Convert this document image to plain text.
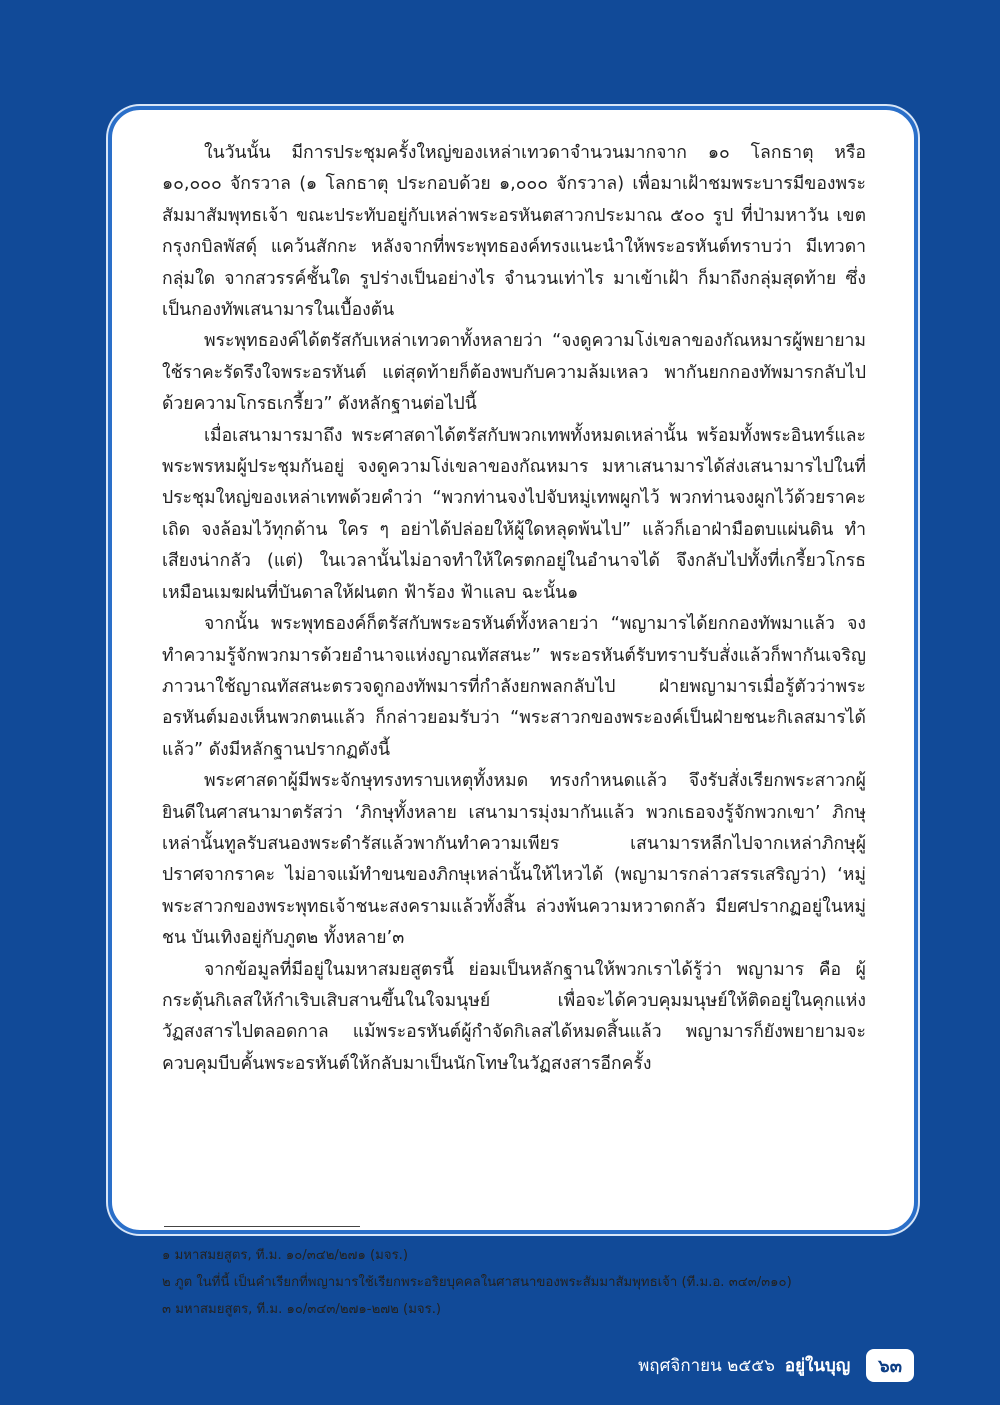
ในวันนั้น มีการประชุมครั้งใหญ่ของเหล่าเทวดาจำนวนมากจาก ๑๐ โลกธาตุ หรือ ๑๐,๐๐๐ จักรวาล (๑ โลกธาตุ ประกอบด้วย ๑,๐๐๐ จักรวาล) เพื่อมาเฝ้าชมพระบารมีของพระสัมมาสัมพุทธเจ้า ขณะประทับอยู่กับเหล่าพระอรหันตสาวกประมาณ ๕๐๐ รูป ที่ป่ามหาวัน เขตกรุงกบิลพัสดุ์ แคว้นสักกะ หลังจากที่พระพุทธองค์ทรงแนะนำให้พระอรหันต์ทราบว่า มีเทวดากลุ่มใด จากสวรรค์ชั้นใด รูปร่างเป็นอย่างไร จำนวนเท่าไร มาเข้าเฝ้า ก็มาถึงกลุ่มสุดท้าย ซึ่งเป็นกองทัพเสนามารในเบื้องต้น

พระพุทธองค์ได้ตรัสกับเหล่าเทวดาทั้งหลายว่า “จงดูความโง่เขลาของกัณหมารผู้พยายามใช้ราคะรัดรึงใจพระอรหันต์ แต่สุดท้ายก็ต้องพบกับความล้มเหลว พากันยกกองทัพมารกลับไปด้วยความโกรธเกรี้ยว” ดังหลักฐานต่อไปนี้

เมื่อเสนามารมาถึง พระศาสดาได้ตรัสกับพวกเทพทั้งหมดเหล่านั้น พร้อมทั้งพระอินทร์และพระพรหมผู้ประชุมกันอยู่ จงดูความโง่เขลาของกัณหมาร มหาเสนามารได้ส่งเสนามารไปในที่ประชุมใหญ่ของเหล่าเทพด้วยคำว่า “พวกท่านจงไปจับหมู่เทพผูกไว้ พวกท่านจงผูกไว้ด้วยราคะเถิด จงล้อมไว้ทุกด้าน ใคร ๆ อย่าได้ปล่อยให้ผู้ใดหลุดพ้นไป” แล้วก็เอาฝ่ามือตบแผ่นดิน ทำเสียงน่ากลัว (แต่) ในเวลานั้นไม่อาจทำให้ใครตกอยู่ในอำนาจได้ จึงกลับไปทั้งที่เกรี้ยวโกรธเหมือนเมฆฝนที่บันดาลให้ฝนตก ฟ้าร้อง ฟ้าแลบ ฉะนั้น๑

จากนั้น พระพุทธองค์ก็ตรัสกับพระอรหันต์ทั้งหลายว่า “พญามารได้ยกกองทัพมาแล้ว จงทำความรู้จักพวกมารด้วยอำนาจแห่งญาณทัสสนะ” พระอรหันต์รับทราบรับสั่งแล้วก็พากันเจริญภาวนาใช้ญาณทัสสนะตรวจดูกองทัพมารที่กำลังยกพลกลับไป ฝ่ายพญามารเมื่อรู้ตัวว่าพระอรหันต์มองเห็นพวกตนแล้ว ก็กล่าวยอมรับว่า “พระสาวกของพระองค์เป็นฝ่ายชนะกิเลสมารได้แล้ว” ดังมีหลักฐานปรากฏดังนี้

พระศาสดาผู้มีพระจักษุทรงทราบเหตุทั้งหมด ทรงกำหนดแล้ว จึงรับสั่งเรียกพระสาวกผู้ยินดีในศาสนามาตรัสว่า ‘ภิกษุทั้งหลาย เสนามารมุ่งมากันแล้ว พวกเธอจงรู้จักพวกเขา’ ภิกษุเหล่านั้นทูลรับสนองพระดำรัสแล้วพากันทำความเพียร เสนามารหลีกไปจากเหล่าภิกษุผู้ปราศจากราคะ ไม่อาจแม้ทำขนของภิกษุเหล่านั้นให้ไหวได้ (พญามารกล่าวสรรเสริญว่า) ‘หมู่พระสาวกของพระพุทธเจ้าชนะสงครามแล้วทั้งสิ้น ล่วงพ้นความหวาดกลัว มียศปรากฏอยู่ในหมู่ชน บันเทิงอยู่กับภูต๒ ทั้งหลาย’๓

จากข้อมูลที่มีอยู่ในมหาสมยสูตรนี้ ย่อมเป็นหลักฐานให้พวกเราได้รู้ว่า พญามาร คือ ผู้กระตุ้นกิเลสให้กำเริบเสิบสานขึ้นในใจมนุษย์ เพื่อจะได้ควบคุมมนุษย์ให้ติดอยู่ในคุกแห่งวัฏสงสารไปตลอดกาล แม้พระอรหันต์ผู้กำจัดกิเลสได้หมดสิ้นแล้ว พญามารก็ยังพยายามจะควบคุมบีบคั้นพระอรหันต์ให้กลับมาเป็นนักโทษในวัฏสงสารอีกครั้ง

๑ มหาสมยสูตร, ที.ม. ๑๐/๓๔๒/๒๗๑ (มจร.)

๒ ภูต ในที่นี้ เป็นคำเรียกที่พญามารใช้เรียกพระอริยบุคคลในศาสนาของพระสัมมาสัมพุทธเจ้า (ที.ม.อ. ๓๔๓/๓๑๐)

๓ มหาสมยสูตร, ที.ม. ๑๐/๓๔๓/๒๗๑-๒๗๒ (มจร.)

พฤศจิกายน ๒๕๕๖ อยู่ในบุญ	๖๓
